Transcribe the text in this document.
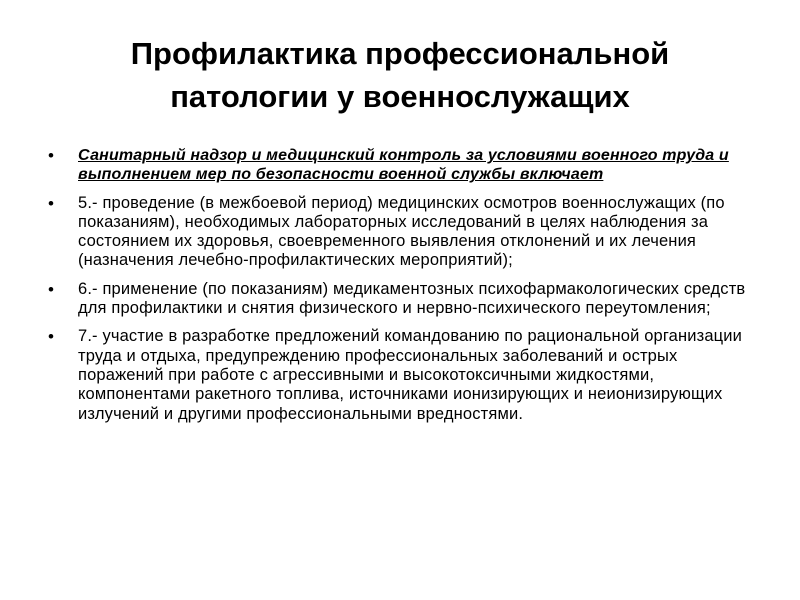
Профилактика профессиональной
патологии у военнослужащих
• Санитарный надзор и медицинский контроль за условиями военного труда и выполнением мер по безопасности военной службы включает
• 5.- проведение (в межбоевой период) медицинских осмотров военнослужащих (по показаниям), необходимых лабораторных исследований в целях наблюдения за состоянием их здоровья, своевременного выявления отклонений и их лечения (назначения лечебно-профилактических мероприятий);
• 6.- применение (по показаниям) медикаментозных психофармакологических средств для профилактики и снятия физического и нервно-психического переутомления;
• 7.- участие в разработке предложений командованию по рациональной организации труда и отдыха, предупреждению профессиональных заболеваний и острых поражений при работе с агрессивными и высокотоксичными жидкостями, компонентами ракетного топлива, источниками ионизирующих и неионизирующих излучений и другими профессиональными вредностями.
